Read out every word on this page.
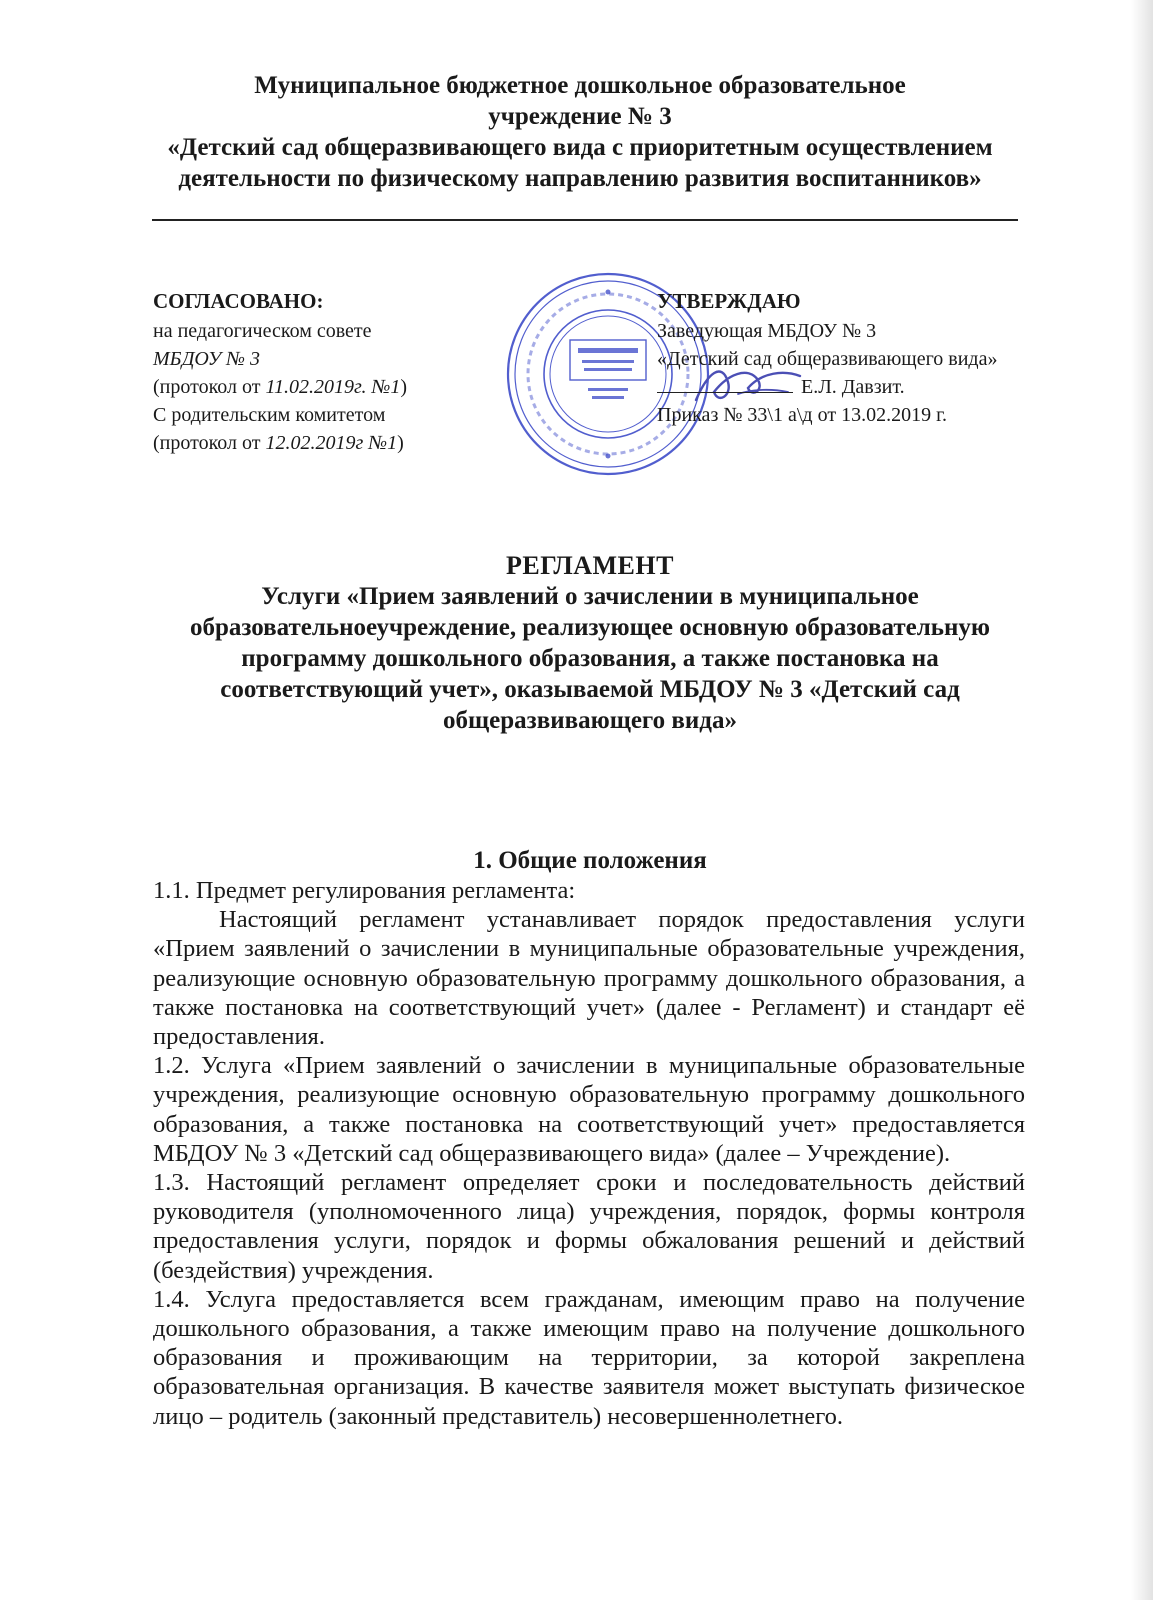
Муниципальное бюджетное дошкольное образовательное
учреждение № 3
«Детский сад общеразвивающего вида с приоритетным осуществлением
деятельности по физическому направлению развития воспитанников»
СОГЛАСОВАНО:
на педагогическом совете
МБДОУ № 3
(протокол от 11.02.2019г. №1)
С родительским комитетом
(протокол от 12.02.2019г №1)
УТВЕРЖДАЮ
Заведующая МБДОУ № 3
«Детский сад общеразвивающего вида»
Е.Л. Давзит.
Приказ № 33\1 а\д от 13.02.2019 г.
РЕГЛАМЕНТ
Услуги «Прием заявлений о зачислении в муниципальное
образовательноеучреждение, реализующее основную образовательную
программу дошкольного образования, а также постановка на
соответствующий учет», оказываемой МБДОУ № 3 «Детский сад
общеразвивающего вида»
1. Общие положения

1.1. Предмет регулирования регламента:

Настоящий регламент устанавливает порядок предоставления услуги «Прием заявлений о зачислении в муниципальные образовательные учреждения, реализующие основную образовательную программу дошкольного образования, а также постановка на соответствующий учет» (далее - Регламент) и стандарт её предоставления.

1.2. Услуга «Прием заявлений о зачислении в муниципальные образовательные учреждения, реализующие основную образовательную программу дошкольного образования, а также постановка на соответствующий учет» предоставляется МБДОУ № 3 «Детский сад общеразвивающего вида» (далее – Учреждение).

1.3. Настоящий регламент определяет сроки и последовательность действий руководителя (уполномоченного лица) учреждения, порядок, формы контроля предоставления услуги, порядок и формы обжалования решений и действий (бездействия) учреждения.

1.4. Услуга предоставляется всем гражданам, имеющим право на получение дошкольного образования, а также имеющим право на получение дошкольного образования и проживающим на территории, за которой закреплена образовательная организация. В качестве заявителя может выступать физическое лицо – родитель (законный представитель) несовершеннолетнего.
